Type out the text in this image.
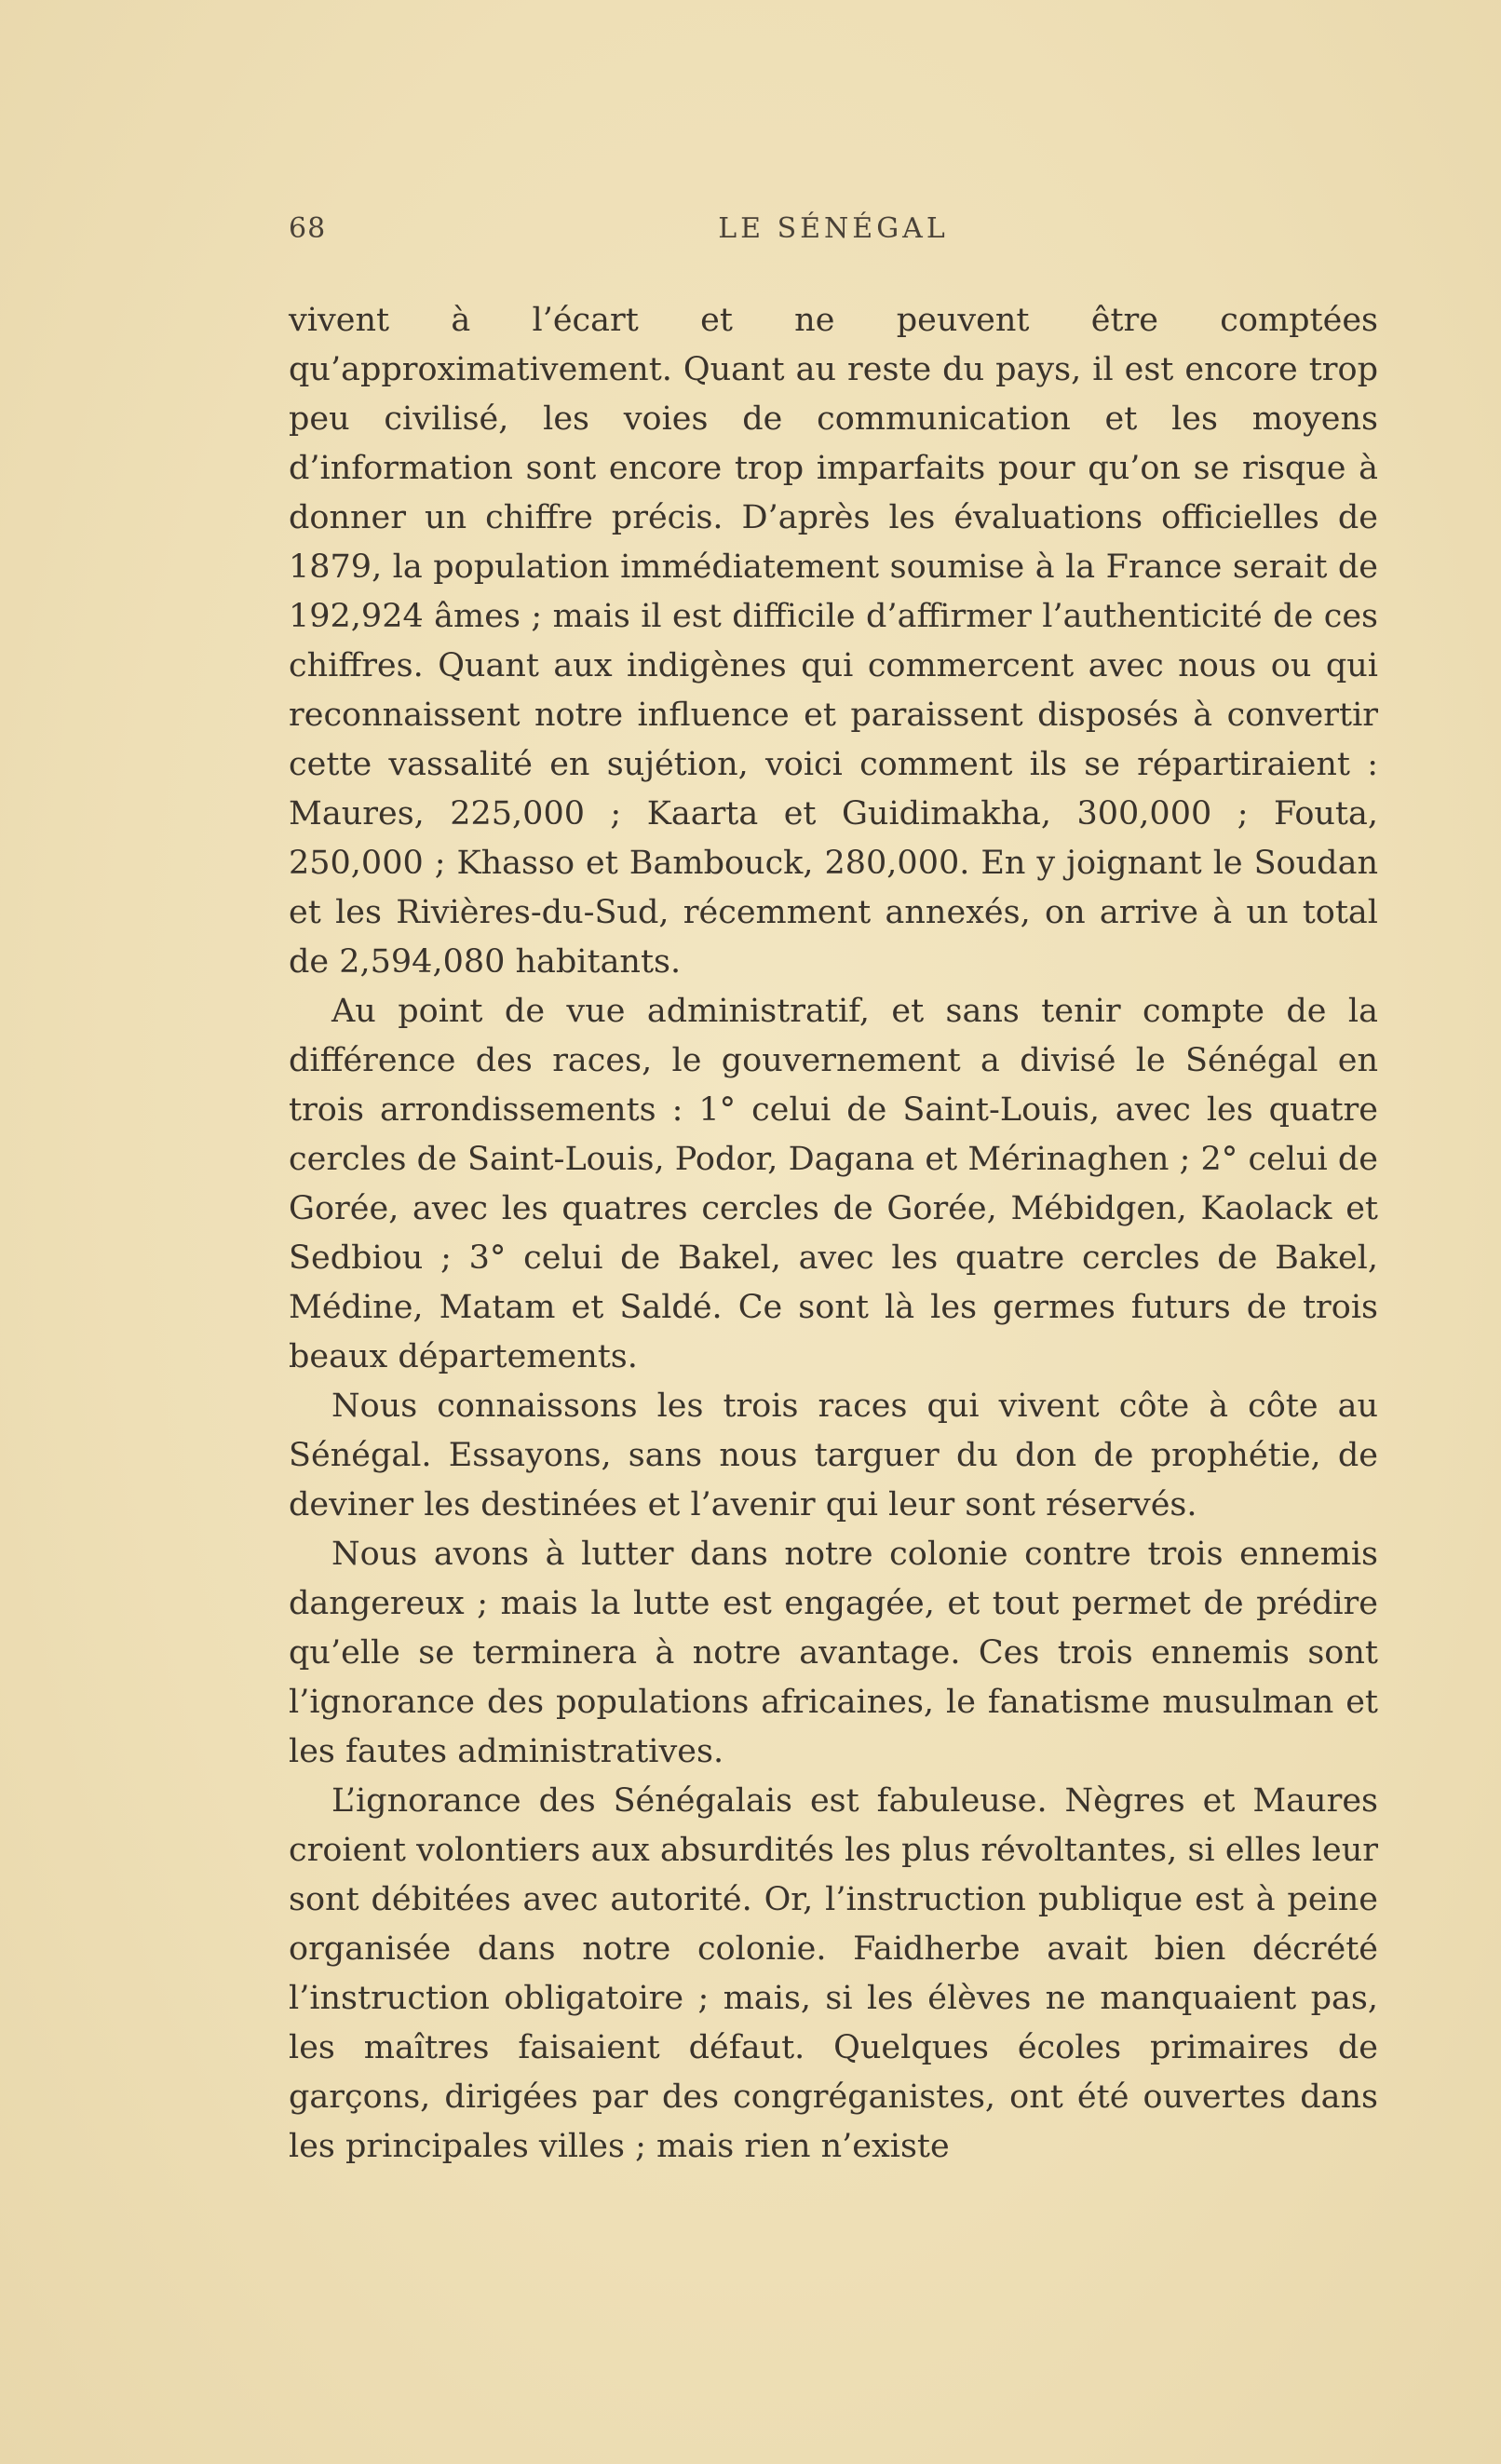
68	LE SÉNÉGAL

vivent à l’écart et ne peuvent être comptées qu’approximativement. Quant au reste du pays, il est encore trop peu civilisé, les voies de communication et les moyens d’information sont encore trop imparfaits pour qu’on se risque à donner un chiffre précis. D’après les évaluations officielles de 1879, la population immédiatement soumise à la France serait de 192,924 âmes ; mais il est difficile d’affirmer l’authenticité de ces chiffres. Quant aux indigènes qui commercent avec nous ou qui reconnaissent notre influence et paraissent disposés à convertir cette vassalité en sujétion, voici comment ils se répartiraient : Maures, 225,000 ; Kaarta et Guidimakha, 300,000 ; Fouta, 250,000 ; Khasso et Bambouck, 280,000. En y joignant le Soudan et les Rivières-du-Sud, récemment annexés, on arrive à un total de 2,594,080 habitants.

Au point de vue administratif, et sans tenir compte de la différence des races, le gouvernement a divisé le Sénégal en trois arrondissements : 1° celui de Saint-Louis, avec les quatre cercles de Saint-Louis, Podor, Dagana et Mérinaghen ; 2° celui de Gorée, avec les quatres cercles de Gorée, Mébidgen, Kaolack et Sedbiou ; 3° celui de Bakel, avec les quatre cercles de Bakel, Médine, Matam et Saldé. Ce sont là les germes futurs de trois beaux départements.

Nous connaissons les trois races qui vivent côte à côte au Sénégal. Essayons, sans nous targuer du don de prophétie, de deviner les destinées et l’avenir qui leur sont réservés.

Nous avons à lutter dans notre colonie contre trois ennemis dangereux ; mais la lutte est engagée, et tout permet de prédire qu’elle se terminera à notre avantage. Ces trois ennemis sont l’ignorance des populations africaines, le fanatisme musulman et les fautes administratives.

L’ignorance des Sénégalais est fabuleuse. Nègres et Maures croient volontiers aux absurdités les plus révoltantes, si elles leur sont débitées avec autorité. Or, l’instruction publique est à peine organisée dans notre colonie. Faidherbe avait bien décrété l’instruction obligatoire ; mais, si les élèves ne manquaient pas, les maîtres faisaient défaut. Quelques écoles primaires de garçons, dirigées par des congréganistes, ont été ouvertes dans les principales villes ; mais rien n’existe
